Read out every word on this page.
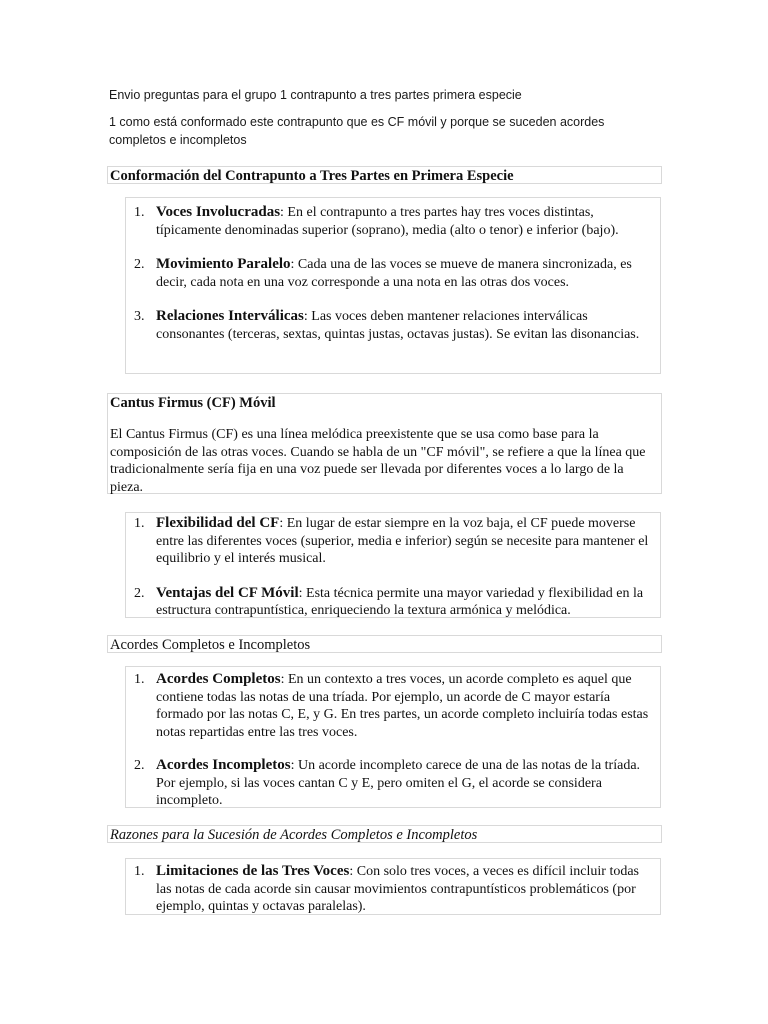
Envio preguntas para el grupo 1 contrapunto a tres partes primera especie
1 como está conformado este contrapunto que es CF móvil y porque se suceden acordes completos e incompletos
Conformación del Contrapunto a Tres Partes en Primera Especie
1. Voces Involucradas: En el contrapunto a tres partes hay tres voces distintas, típicamente denominadas superior (soprano), media (alto o tenor) e inferior (bajo).
2. Movimiento Paralelo: Cada una de las voces se mueve de manera sincronizada, es decir, cada nota en una voz corresponde a una nota en las otras dos voces.
3. Relaciones Interválicas: Las voces deben mantener relaciones interválicas consonantes (terceras, sextas, quintas justas, octavas justas). Se evitan las disonancias.
Cantus Firmus (CF) Móvil

El Cantus Firmus (CF) es una línea melódica preexistente que se usa como base para la composición de las otras voces. Cuando se habla de un "CF móvil", se refiere a que la línea que tradicionalmente sería fija en una voz puede ser llevada por diferentes voces a lo largo de la pieza.

1. Flexibilidad del CF: En lugar de estar siempre en la voz baja, el CF puede moverse entre las diferentes voces (superior, media e inferior) según se necesite para mantener el equilibrio y el interés musical.
2. Ventajas del CF Móvil: Esta técnica permite una mayor variedad y flexibilidad en la estructura contrapuntística, enriqueciendo la textura armónica y melódica.
Acordes Completos e Incompletos
1. Acordes Completos: En un contexto a tres voces, un acorde completo es aquel que contiene todas las notas de una tríada. Por ejemplo, un acorde de C mayor estaría formado por las notas C, E, y G. En tres partes, un acorde completo incluiría todas estas notas repartidas entre las tres voces.
2. Acordes Incompletos: Un acorde incompleto carece de una de las notas de la tríada. Por ejemplo, si las voces cantan C y E, pero omiten el G, el acorde se considera incompleto.
Razones para la Sucesión de Acordes Completos e Incompletos
1. Limitaciones de las Tres Voces: Con solo tres voces, a veces es difícil incluir todas las notas de cada acorde sin causar movimientos contrapuntísticos problemáticos (por ejemplo, quintas y octavas paralelas).
